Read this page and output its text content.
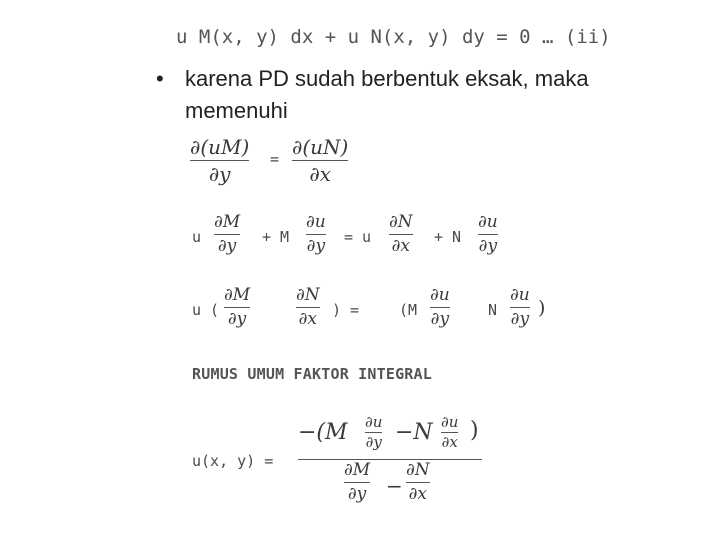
u M(x, y) dx + u N(x, y) dy = 0 … (ii)
• karena PD sudah berbentuk eksak, maka
memenuhi
∂(uM)
∂y
= ∂(uN)
∂x
u
∂M
∂y + M
∂u
∂y = u
∂N
∂x + N
∂u
∂y
u (
∂M
∂y
∂N
∂x ) =	(M
∂u
∂y	N
∂u
∂y
)
RUMUS UMUM FAKTOR INTEGRAL
u(x, y) =
−(M ∂u
∂y −N ∂u
∂x )
∂M
∂y −
∂N
∂x
